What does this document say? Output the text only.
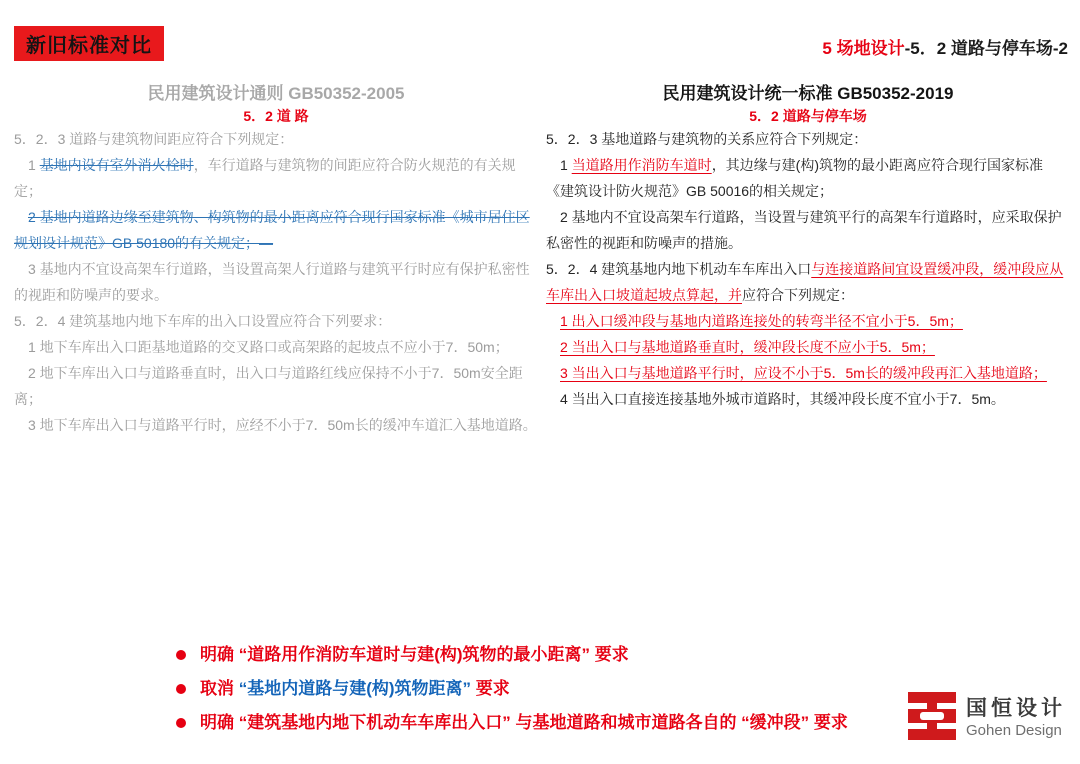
新旧标准对比	5 场地设计-5．2 道路与停车场-2

民用建筑设计通则 GB50352-2005

5．2 道 路

5．2．3 道路与建筑物间距应符合下列规定：

1 基地内设有室外消火栓时，车行道路与建筑物的间距应符合防火规范的有关规定；

2 基地内道路边缘至建筑物、构筑物的最小距离应符合现行国家标准《城市居住区规划设计规范》GB 50180的有关规定；—

3 基地内不宜设高架车行道路，当设置高架人行道路与建筑平行时应有保护私密性的视距和防噪声的要求。

5．2．4 建筑基地内地下车库的出入口设置应符合下列要求：

1 地下车库出入口距基地道路的交叉路口或高架路的起坡点不应小于7．50m；

2 地下车库出入口与道路垂直时，出入口与道路红线应保持不小于7．50m安全距离；

3 地下车库出入口与道路平行时，应经不小于7．50m长的缓冲车道汇入基地道路。

民用建筑设计统一标准 GB50352-2019

5．2 道路与停车场

5．2．3 基地道路与建筑物的关系应符合下列规定：

1 当道路用作消防车道时，其边缘与建(构)筑物的最小距离应符合现行国家标准《建筑设计防火规范》GB 50016的相关规定；

2 基地内不宜设高架车行道路，当设置与建筑平行的高架车行道路时，应采取保护私密性的视距和防噪声的措施。

5．2．4 建筑基地内地下机动车车库出入口与连接道路间宜设置缓冲段，缓冲段应从车库出入口坡道起坡点算起，并应符合下列规定：

1 出入口缓冲段与基地内道路连接处的转弯半径不宜小于5．5m；

2 当出入口与基地道路垂直时，缓冲段长度不应小于5．5m；

3 当出入口与基地道路平行时，应设不小于5．5m长的缓冲段再汇入基地道路；

4 当出入口直接连接基地外城市道路时，其缓冲段长度不宜小于7．5m。

明确 “道路用作消防车道时与建(构)筑物的最小距离” 要求
取消 “基地内道路与建(构)筑物距离” 要求
明确 “建筑基地内地下机动车车库出入口” 与基地道路和城市道路各自的 “缓冲段” 要求
国恒设计
Gohen Design
